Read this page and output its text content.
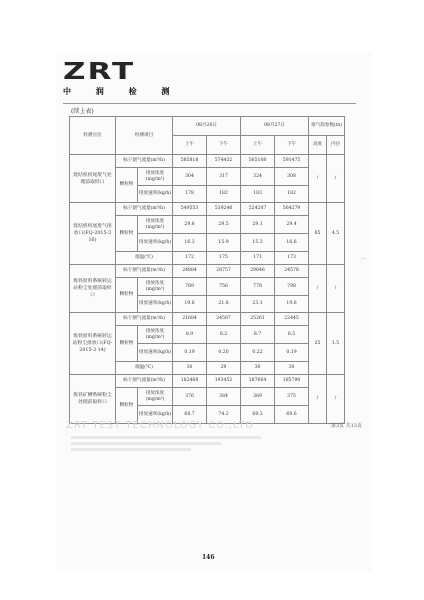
ZRT
中 润 检 测
(续上表)
检测点位	检测项目		08月26日		08月27日		排气筒参数(m)	
			上午	下午	上午	下午	高度	内径
烧结机机尾废气处理前取样口	标干烟气流量(m³/h)		585818	574432	565108	591475	/	/
	颗粒物	排放浓度(mg/m³)	304	317	324	308		
		排放速率(kg/h)	178	182	183	182		
烧结机机尾废气排放口(FQ-2015-3 16)	标干烟气流量(m³/h)		549553	539246	524207	564279	65	4.5
	颗粒物	排放浓度(mg/m³)	29.6	29.5	29.1	29.4		
		排放速率(kg/h)	16.3	15.9	15.3	16.6		
	烟温(℃)		172	175	171	173		
炼铁原料系统转运站粉尘处理前取样口	标干烟气流量(m³/h)		24884	28757	29646	24578	/	/
	颗粒物	排放浓度(mg/m³)	789	756	778	798		
		排放速率(kg/h)	19.6	21.8	23.1	19.6		
炼铁原料系统转运站粉尘排放口(FQ-2015-3 14)	标干烟气流量(m³/h)		21684	24587	25261	22445	25	1.5
	颗粒物	排放浓度(mg/m³)	8.9	8.2	8.7	8.5		
		排放速率(kg/h)	0.19	0.20	0.22	0.19		
	烟温(℃)		30	29	30	30		
炼铁矿槽系统粉尘处理前取样口	标干烟气流量(m³/h)		182468	193452	187664	185790	/	/
	颗粒物	排放浓度(mg/m³)	376	384	369	375		
		排放速率(kg/h)	68.7	74.2	69.3	69.6		
|
ZRT TEST TECHNOLOGY CO.,LTD	第3页 共13页
146
